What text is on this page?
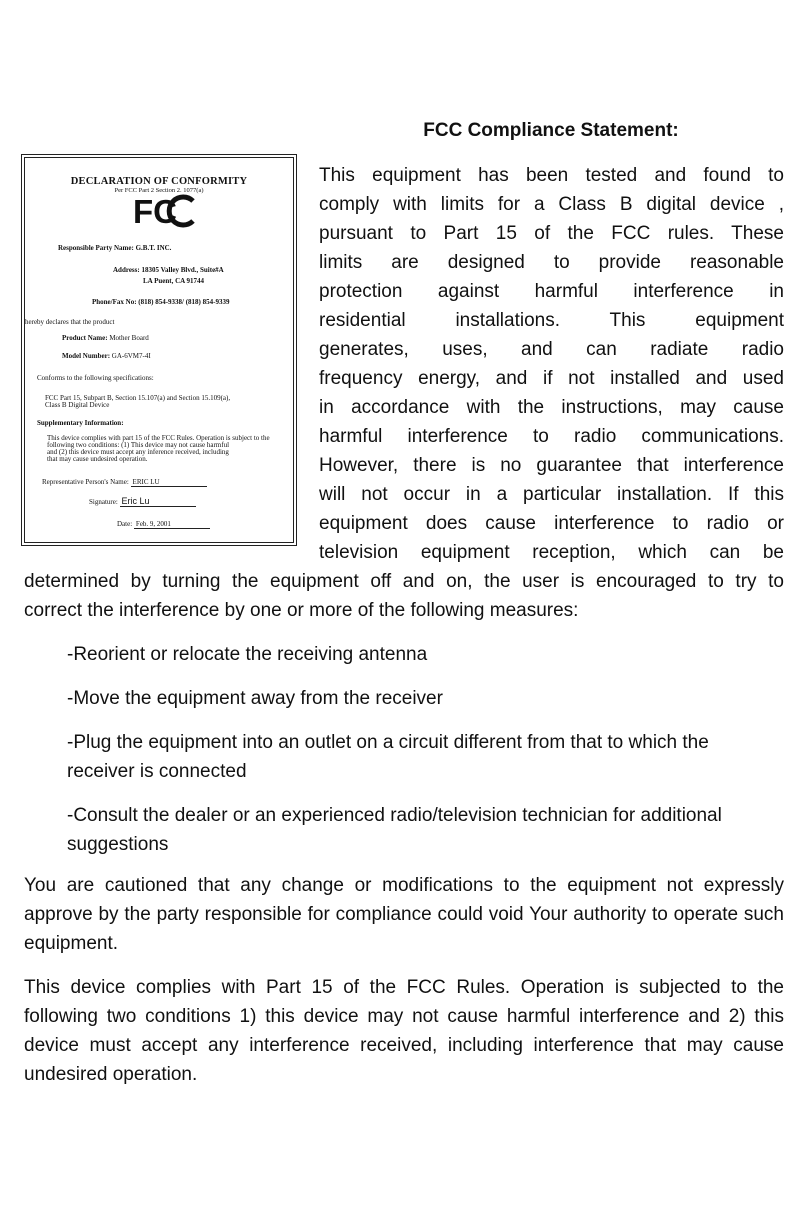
FCC Compliance Statement:
DECLARATION OF CONFORMITY
Per FCC Part 2 Section 2. 1077(a)
FC
Responsible Party Name: G.B.T. INC.
Address: 18305 Valley Blvd., Suite#A
LA Puent, CA 91744
Phone/Fax No: (818) 854-9338/ (818) 854-9339
hereby declares that the product
Product Name: Mother Board
Model Number: GA-6VM7-4I
Conforms to the following specifications:
FCC Part 15, Subpart B, Section 15.107(a) and Section 15.109(a),
Class B Digital Device
Supplementary Information:
This device complies with part 15 of the FCC Rules. Operation is subject to the
following two conditions: (1) This device may not cause harmful
and (2) this device must accept any inference received, including
that may cause undesired operation.
Representative Person's Name: ERIC LU
Signature: Eric Lu
Date: Feb. 9, 2001
This equipment has been tested and found to
comply with limits for a Class B digital device ,
pursuant to Part 15 of the FCC rules. These
limits are designed to provide reasonable
protection against harmful interference in
residential installations. This equipment
generates, uses, and can radiate radio
frequency energy, and if not installed and used
in accordance with the instructions, may cause
harmful interference to radio communications.
However, there is no guarantee that interference
will not occur in a particular installation. If this
equipment does cause interference to radio or
television equipment reception, which can be
determined by turning the equipment off and on, the user is encouraged to try to
correct the interference by one or more of the following measures:
-Reorient or relocate the receiving antenna
-Move the equipment away from the receiver
-Plug the equipment into an outlet on a circuit different from that to which the receiver is connected
-Consult the dealer or an experienced radio/television technician for additional suggestions
You are cautioned that any change or modifications to the equipment not expressly approve by the party responsible for compliance could void Your authority to operate such equipment.
This device complies with Part 15 of the FCC Rules. Operation is subjected to the following two conditions 1) this device may not cause harmful interference and 2) this device must accept any interference received, including interference that may cause undesired operation.
